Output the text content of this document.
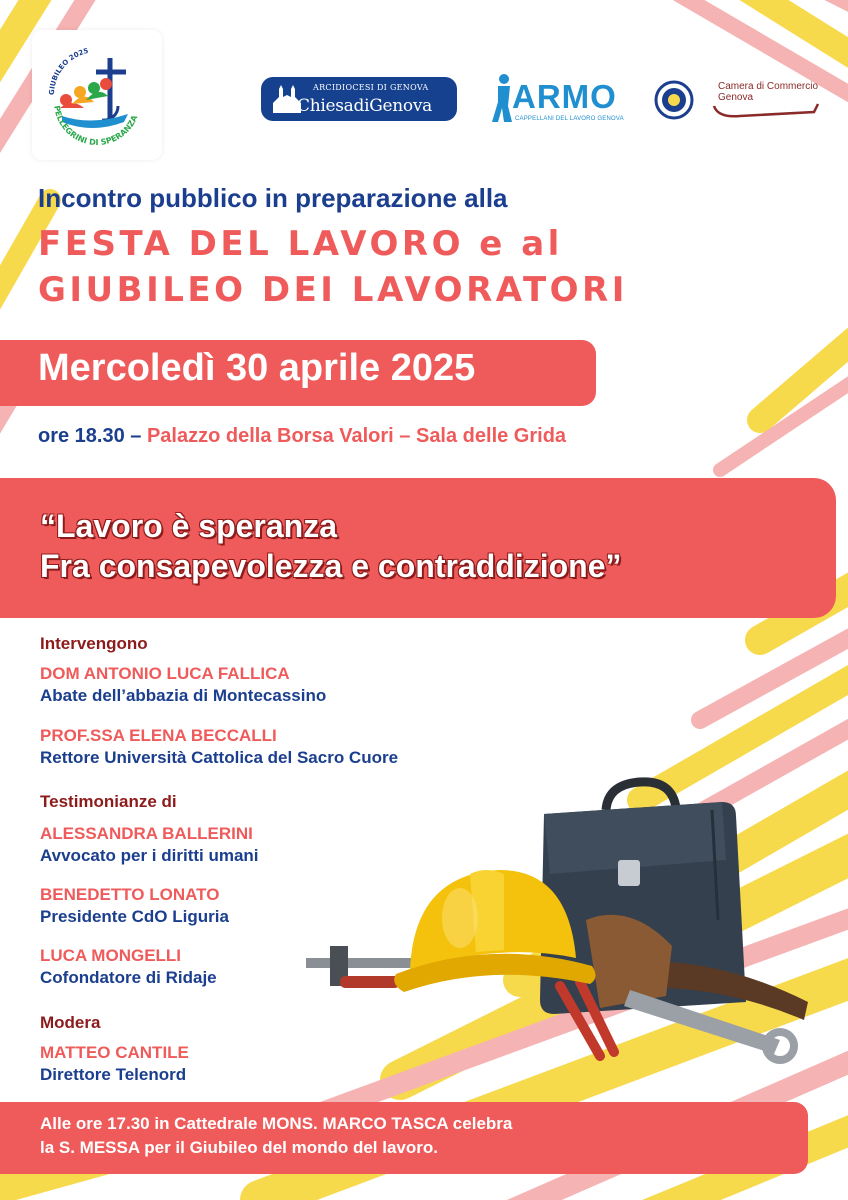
GIUBILEO 2025
PELLEGRINI DI SPERANZA
ARCIDIOCESI DI GENOVA
ChiesadiGenova ARMO
CAPPELLANI DEL LAVORO GENOVA
Camera di Commercio
Genova
Incontro pubblico in preparazione alla
FESTA DEL LAVORO e al
GIUBILEO DEI LAVORATORI
Mercoledì 30 aprile 2025
ore 18.30 – Palazzo della Borsa Valori – Sala delle Grida
“Lavoro è speranza
Fra consapevolezza e contraddizione”
Intervengono
DOM ANTONIO LUCA FALLICA
Abate dell’abbazia di Montecassino
PROF.SSA ELENA BECCALLI
Rettore Università Cattolica del Sacro Cuore
Testimonianze di
ALESSANDRA BALLERINI
Avvocato per i diritti umani
BENEDETTO LONATO
Presidente CdO Liguria
LUCA MONGELLI
Cofondatore di Ridaje
Modera
MATTEO CANTILE
Direttore Telenord
Alle ore 17.30 in Cattedrale MONS. MARCO TASCA celebra
la S. MESSA per il Giubileo del mondo del lavoro.
